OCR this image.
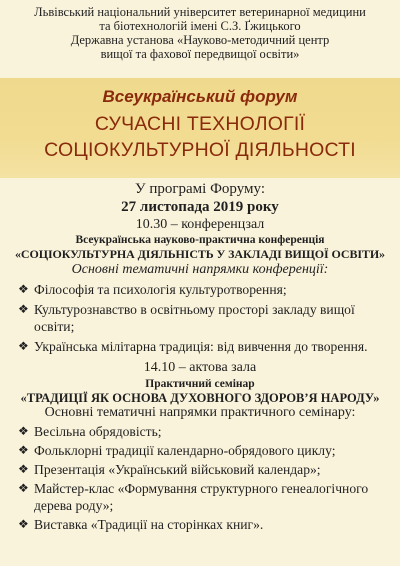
Львівський національний університет ветеринарної медицини
та біотехнологій імені С.З. Ґжицького
Державна установа «Науково-методичний центр
вищої та фахової передвищої освіти»
Всеукраїнський форум
СУЧАСНІ ТЕХНОЛОГІЇ
СОЦІОКУЛЬТУРНОЇ ДІЯЛЬНОСТІ
У програмі Форуму:
27 листопада 2019 року
10.30 – конференцзал
Всеукраїнська науково-практична конференція
«СОЦІОКУЛЬТУРНА ДІЯЛЬНІСТЬ У ЗАКЛАДІ ВИЩОЇ ОСВІТИ»
Основні тематичні напрямки конференції:
❖ Філософія та психологія культуротворення;
❖ Культурознавство в освітньому просторі закладу вищої освіти;
❖ Українська мілітарна традиція: від вивчення до творення.
14.10 – актова зала
Практичний семінар
«ТРАДИЦІЇ ЯК ОСНОВА ДУХОВНОГО ЗДОРОВ’Я НАРОДУ»
Основні тематичні напрямки практичного семінару:
❖ Весільна обрядовість;
❖ Фольклорні традиції календарно-обрядового циклу;
❖ Презентація «Український військовий календар»;
❖ Майстер-клас «Формування структурного генеалогічного дерева роду»;
❖ Виставка «Традиції на сторінках книг».
